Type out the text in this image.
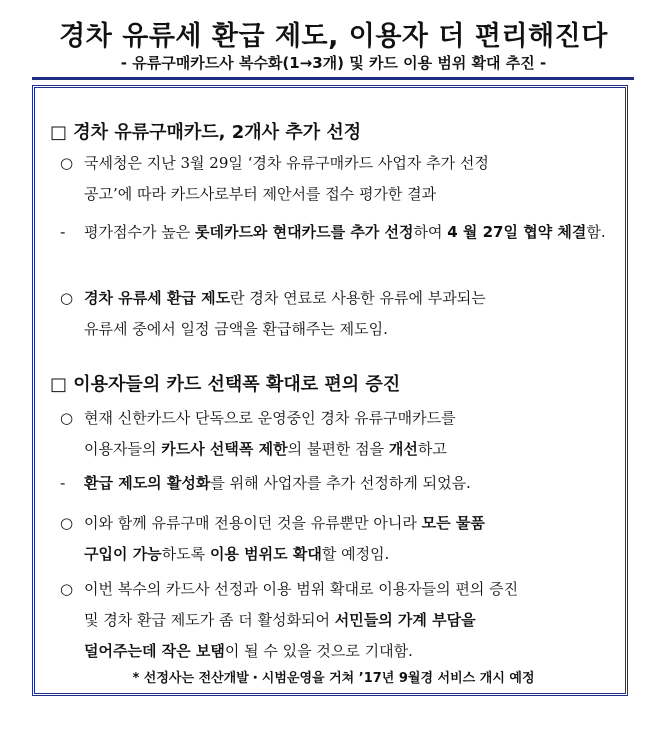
경차 유류세 환급 제도, 이용자 더 편리해진다
- 유류구매카드사 복수화(1→3개) 및 카드 이용 범위 확대 추진 -
□ 경차 유류구매카드, 2개사 추가 선정
○ 국세청은 지난 3월 29일 ‘경차 유류구매카드 사업자 추가 선정
공고’에 따라 카드사로부터 제안서를 접수 평가한 결과
- 평가점수가 높은 롯데카드와 현대카드를 추가 선정하여 4 월 27일 협약 체결함.
○ 경차 유류세 환급 제도란 경차 연료로 사용한 유류에 부과되는
유류세 중에서 일정 금액을 환급해주는 제도임.
□ 이용자들의 카드 선택폭 확대로 편의 증진
○ 현재 신한카드사 단독으로 운영중인 경차 유류구매카드를
이용자들의 카드사 선택폭 제한의 불편한 점을 개선하고
- 환급 제도의 활성화를 위해 사업자를 추가 선정하게 되었음.
○ 이와 함께 유류구매 전용이던 것을 유류뿐만 아니라 모든 물품
구입이 가능하도록 이용 범위도 확대할 예정임.
○ 이번 복수의 카드사 선정과 이용 범위 확대로 이용자들의 편의 증진
및 경차 환급 제도가 좀 더 활성화되어 서민들의 가계 부담을
덜어주는데 작은 보탬이 될 수 있을 것으로 기대함.
* 선정사는 전산개발・시범운영을 거쳐 ’17년 9월경 서비스 개시 예정
